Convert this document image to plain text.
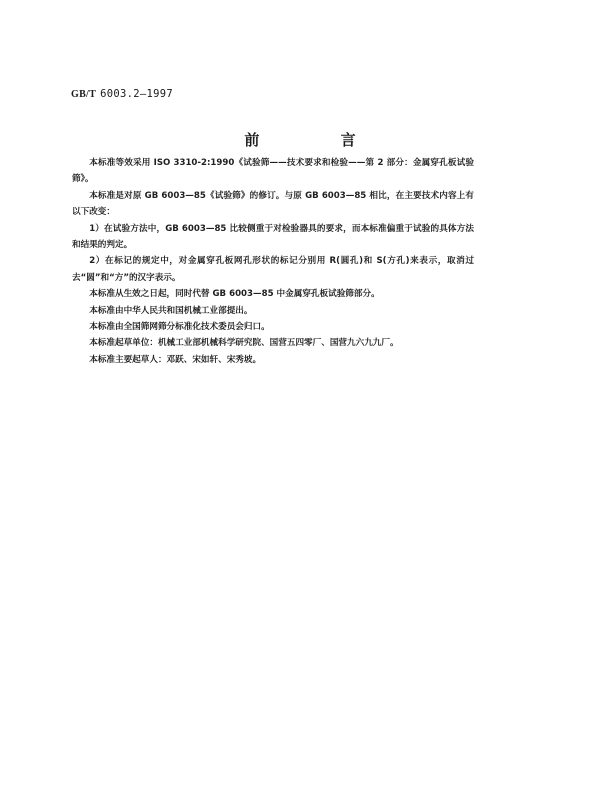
GB/T 6003.2—1997
前 言

本标准等效采用 ISO 3310-2:1990《试验筛——技术要求和检验——第 2 部分：金属穿孔板试验筛》。

本标准是对原 GB 6003—85《试验筛》的修订。与原 GB 6003—85 相比，在主要技术内容上有以下改变：

1）在试验方法中，GB 6003—85 比较侧重于对检验器具的要求，而本标准偏重于试验的具体方法和结果的判定。

2）在标记的规定中，对金属穿孔板网孔形状的标记分别用 R(圆孔)和 S(方孔)来表示，取消过去“圆”和“方”的汉字表示。

本标准从生效之日起，同时代替 GB 6003—85 中金属穿孔板试验筛部分。

本标准由中华人民共和国机械工业部提出。

本标准由全国筛网筛分标准化技术委员会归口。

本标准起草单位：机械工业部机械科学研究院、国营五四零厂、国营九六九九厂。

本标准主要起草人：邓跃、宋如轩、宋秀坡。
